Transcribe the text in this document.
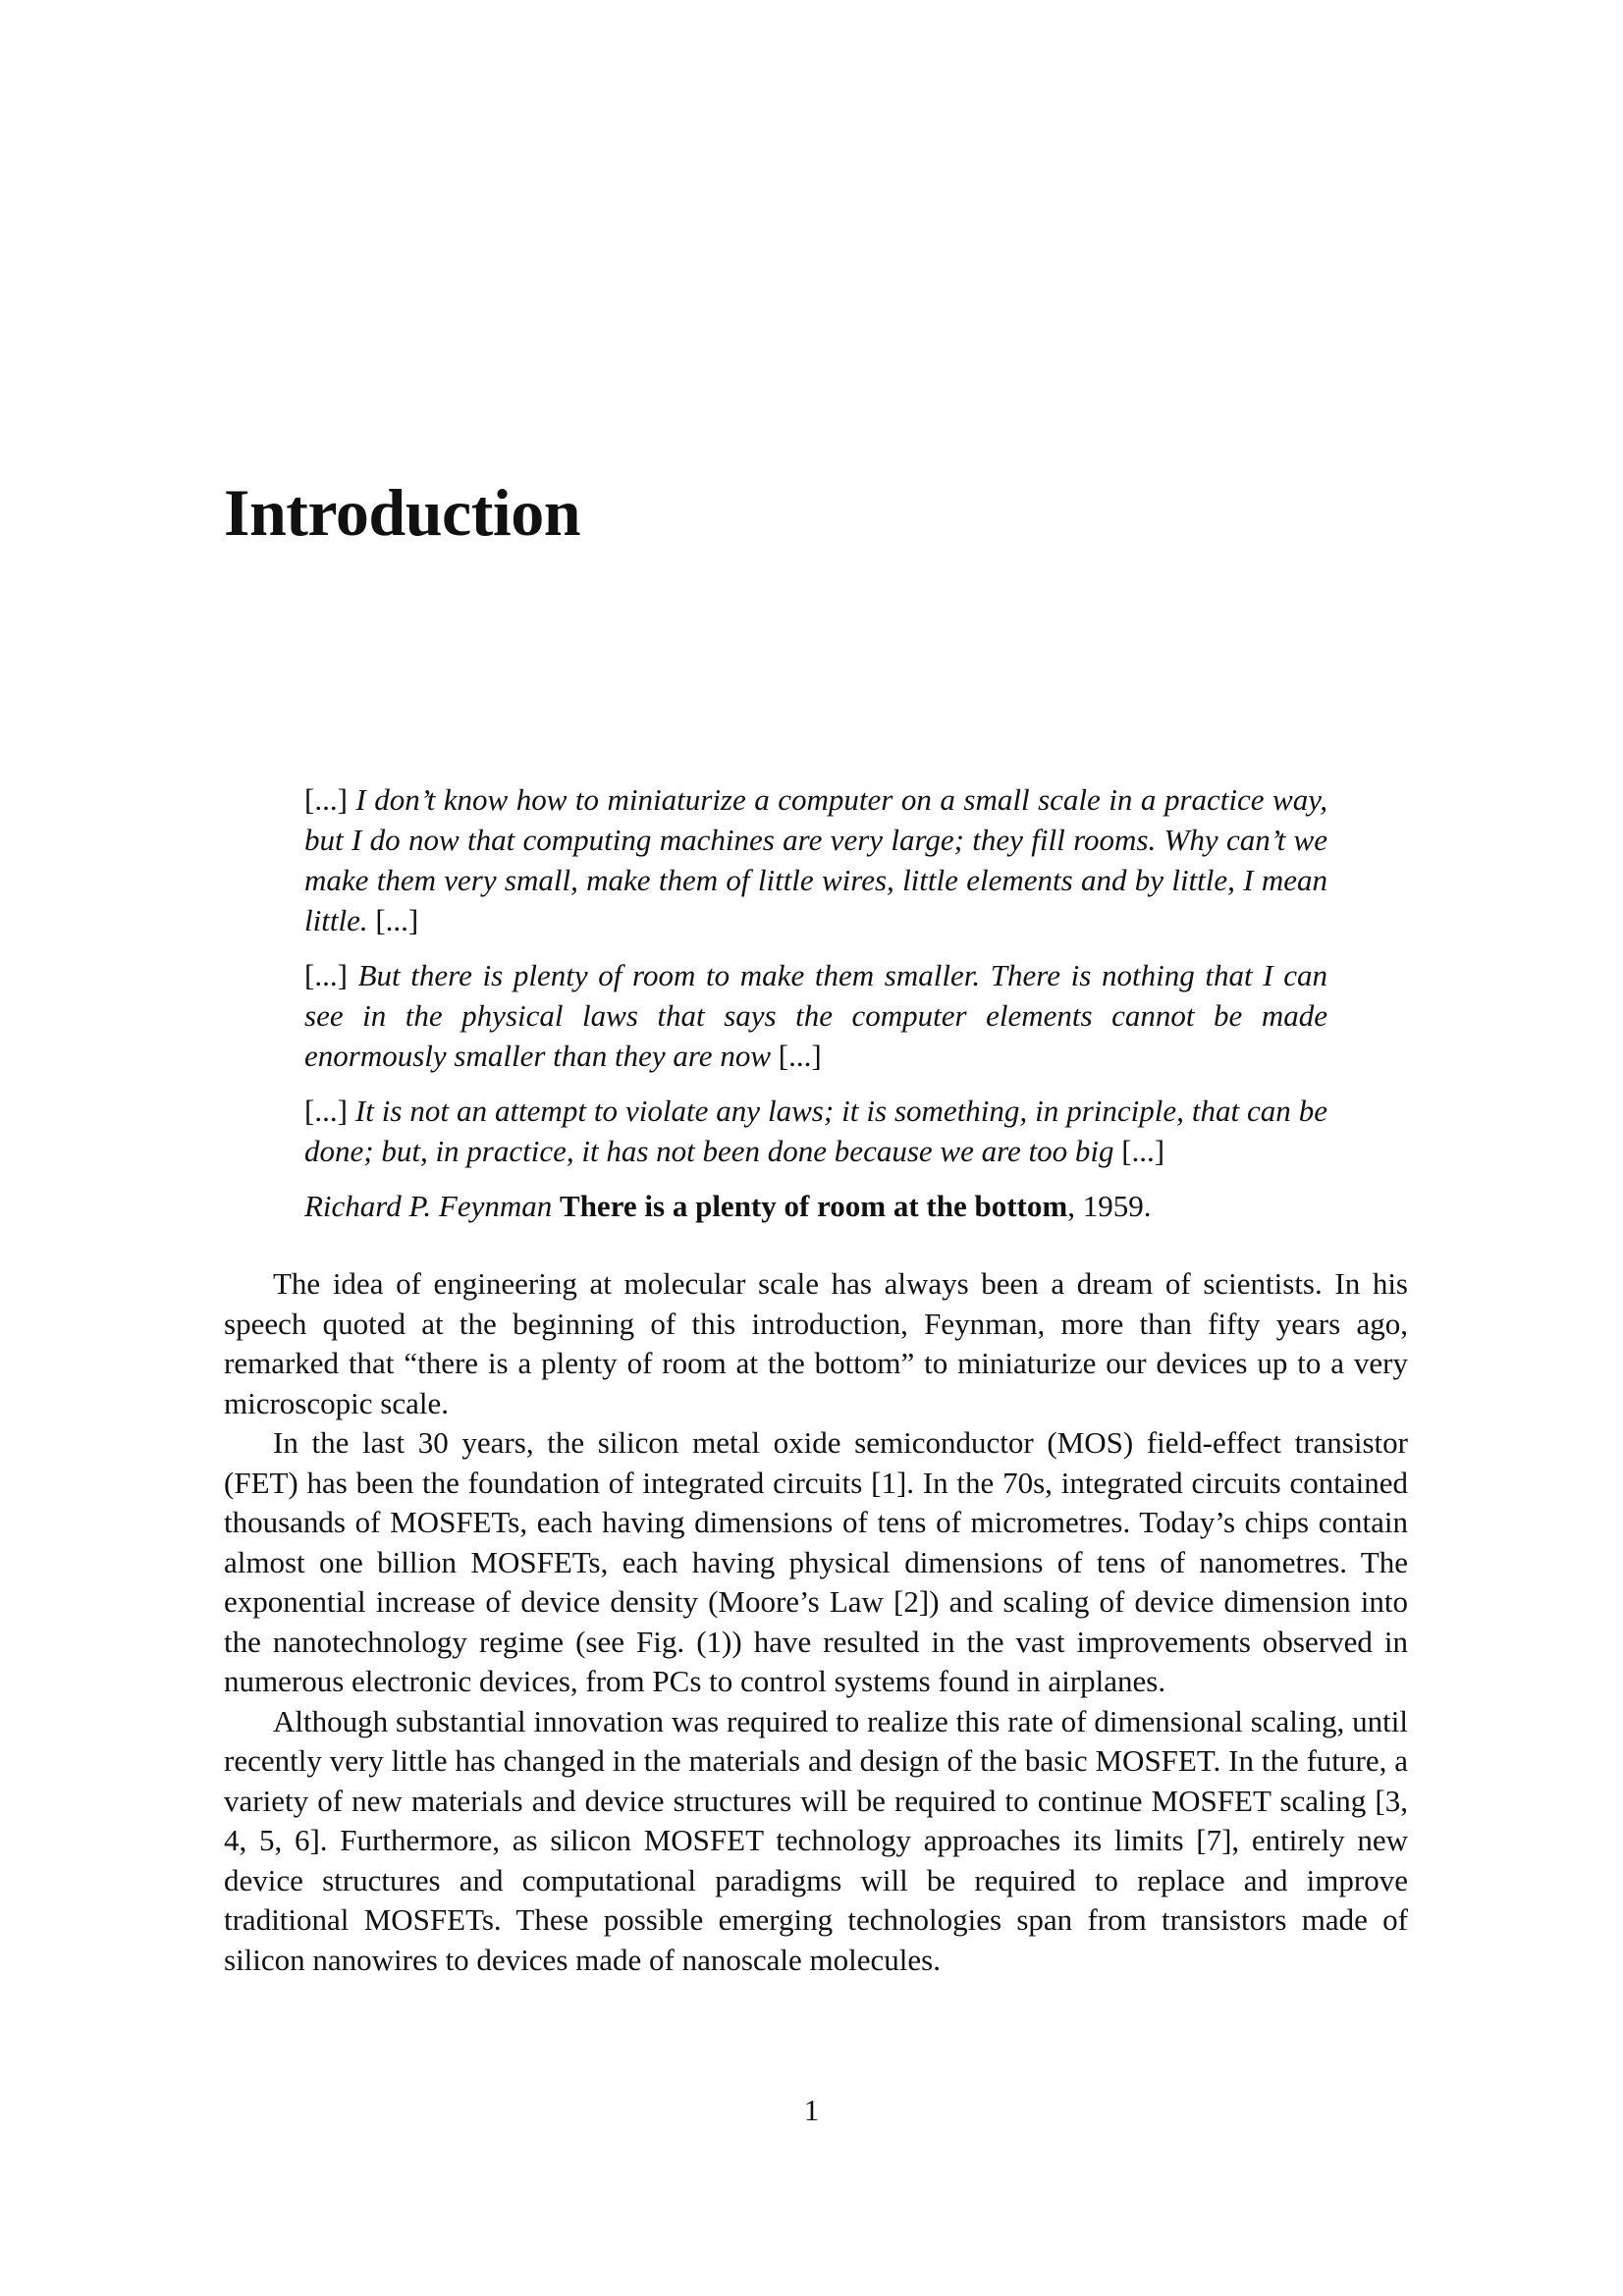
Introduction

[...] I don’t know how to miniaturize a computer on a small scale in a practice way, but I do now that computing machines are very large; they fill rooms. Why can’t we make them very small, make them of little wires, little elements and by little, I mean little. [...]

[...] But there is plenty of room to make them smaller. There is nothing that I can see in the physical laws that says the computer elements cannot be made enormously smaller than they are now [...]

[...] It is not an attempt to violate any laws; it is something, in principle, that can be done; but, in practice, it has not been done because we are too big [...]

Richard P. Feynman There is a plenty of room at the bottom, 1959.

The idea of engineering at molecular scale has always been a dream of scientists. In his speech quoted at the beginning of this introduction, Feynman, more than fifty years ago, remarked that “there is a plenty of room at the bottom” to miniaturize our devices up to a very microscopic scale.

In the last 30 years, the silicon metal oxide semiconductor (MOS) field-effect transistor (FET) has been the foundation of integrated circuits [1]. In the 70s, integrated circuits contained thousands of MOSFETs, each having dimensions of tens of micrometres. Today’s chips contain almost one billion MOSFETs, each having physical dimensions of tens of nanometres. The exponential increase of device density (Moore’s Law [2]) and scaling of device dimension into the nanotechnology regime (see Fig. (1)) have resulted in the vast improvements observed in numerous electronic devices, from PCs to control systems found in airplanes.

Although substantial innovation was required to realize this rate of dimensional scaling, until recently very little has changed in the materials and design of the basic MOSFET. In the future, a variety of new materials and device structures will be required to continue MOSFET scaling [3, 4, 5, 6]. Furthermore, as silicon MOSFET technology approaches its limits [7], entirely new device structures and computational paradigms will be required to replace and improve traditional MOSFETs. These possible emerging technologies span from transistors made of silicon nanowires to devices made of nanoscale molecules.

1
